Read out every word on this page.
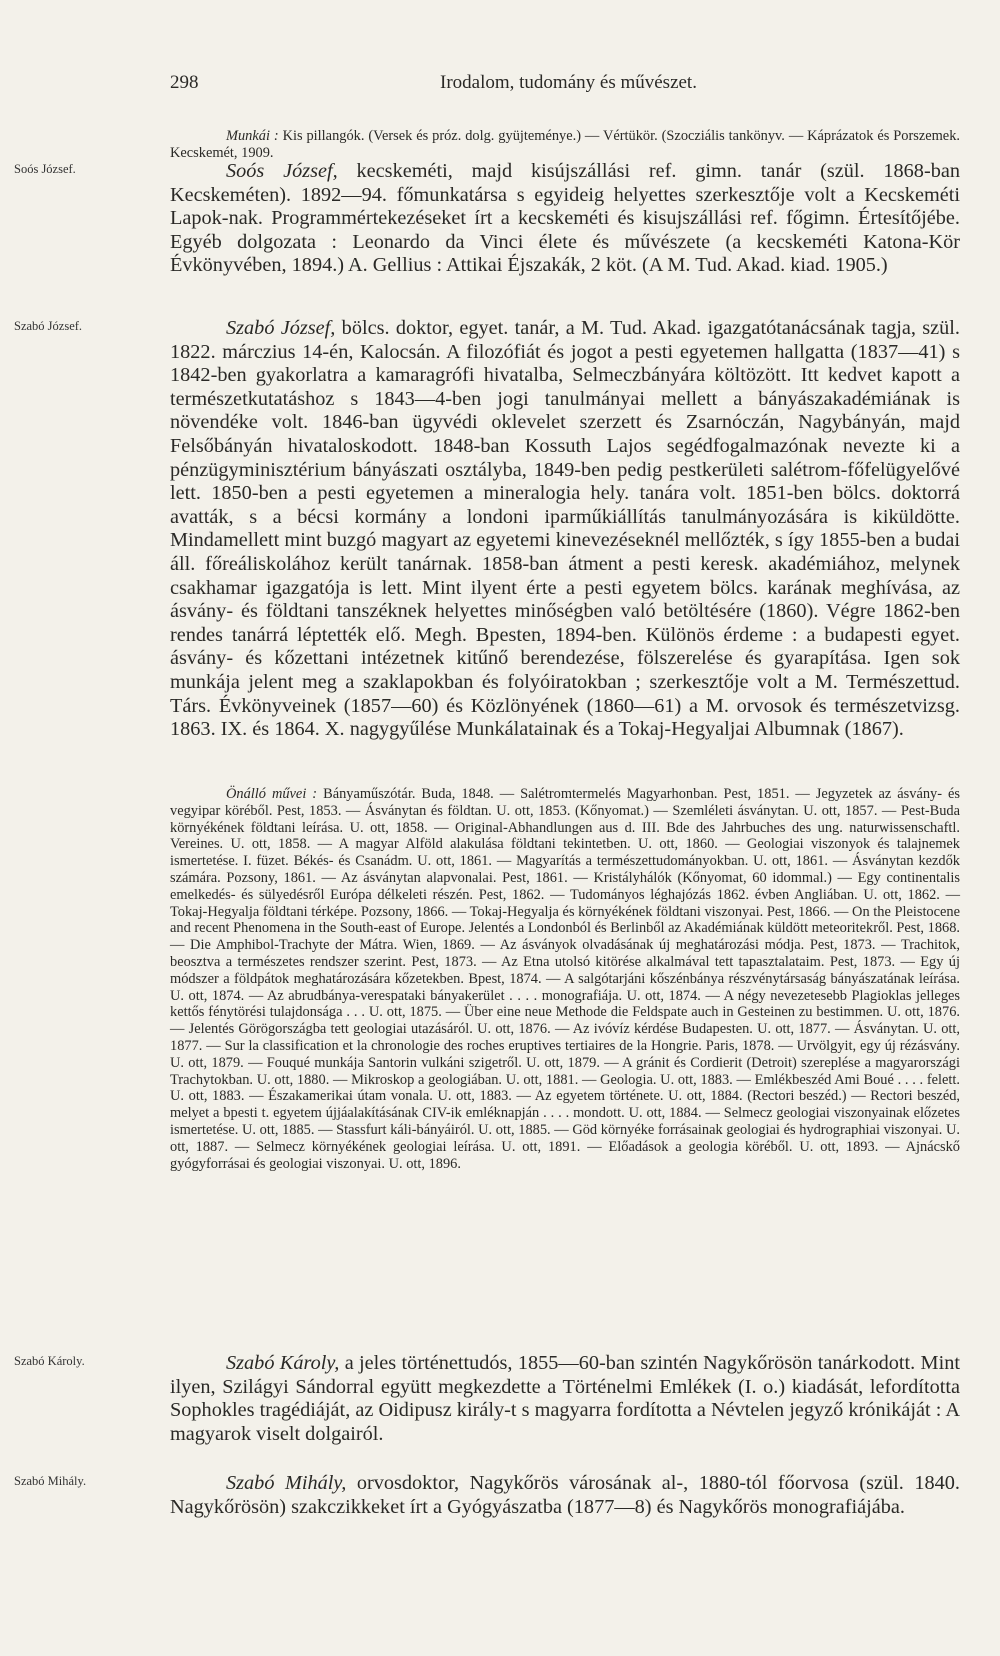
298	Irodalom, tudomány és művészet.
Soós József.
Szabó József.
Szabó Károly.
Szabó Mihály.

Munkái : Kis pillangók. (Versek és próz. dolg. gyüjteménye.) — Vértükör. (Szocziális tankönyv. — Káprázatok és Porszemek. Kecskemét, 1909.

Soós József, kecskeméti, majd kisújszállási ref. gimn. tanár (szül. 1868-ban Kecskeméten). 1892—94. főmunkatársa s egyideig helyettes szerkesztője volt a Kecskeméti Lapok-nak. Programmértekezéseket írt a kecskeméti és kisujszállási ref. főgimn. Értesítőjébe. Egyéb dolgozata : Leonardo da Vinci élete és művészete (a kecskeméti Katona-Kör Évkönyvében, 1894.) A. Gellius : Attikai Éjszakák, 2 köt. (A M. Tud. Akad. kiad. 1905.)

Szabó József, bölcs. doktor, egyet. tanár, a M. Tud. Akad. igazgatótanácsának tagja, szül. 1822. márczius 14-én, Kalocsán. A filozófiát és jogot a pesti egyetemen hallgatta (1837—41) s 1842-ben gyakorlatra a kamaragrófi hivatalba, Selmeczbányára költözött. Itt kedvet kapott a természetkutatáshoz s 1843—4-ben jogi tanulmányai mellett a bányászakadémiának is növendéke volt. 1846-ban ügyvédi oklevelet szerzett és Zsarnóczán, Nagybányán, majd Felsőbányán hivataloskodott. 1848-ban Kossuth Lajos segédfogalmazónak nevezte ki a pénzügyminisztérium bányászati osztályba, 1849-ben pedig pestkerületi salétrom-főfelügyelővé lett. 1850-ben a pesti egyetemen a mineralogia hely. tanára volt. 1851-ben bölcs. doktorrá avatták, s a bécsi kormány a londoni iparműkiállítás tanulmányozására is kiküldötte. Mindamellett mint buzgó magyart az egyetemi kinevezéseknél mellőzték, s így 1855-ben a budai áll. főreáliskolához került tanárnak. 1858-ban átment a pesti keresk. akadémiához, melynek csakhamar igazgatója is lett. Mint ilyent érte a pesti egyetem bölcs. karának meghívása, az ásvány- és földtani tanszéknek helyettes minőségben való betöltésére (1860). Végre 1862-ben rendes tanárrá léptették elő. Megh. Bpesten, 1894-ben. Különös érdeme : a budapesti egyet. ásvány- és kőzettani intézetnek kitűnő berendezése, fölszerelése és gyarapítása. Igen sok munkája jelent meg a szaklapokban és folyóiratokban ; szerkesztője volt a M. Természettud. Társ. Évkönyveinek (1857—60) és Közlönyének (1860—61) a M. orvosok és természetvizsg. 1863. IX. és 1864. X. nagygyűlése Munkálatainak és a Tokaj-Hegyaljai Albumnak (1867).

Önálló művei : Bányaműszótár. Buda, 1848. — Salétromtermelés Magyarhonban. Pest, 1851. — Jegyzetek az ásvány- és vegyipar köréből. Pest, 1853. — Ásványtan és földtan. U. ott, 1853. (Kőnyomat.) — Szemléleti ásványtan. U. ott, 1857. — Pest-Buda környékének földtani leírása. U. ott, 1858. — Original-Abhandlungen aus d. III. Bde des Jahrbuches des ung. naturwissenschaftl. Vereines. U. ott, 1858. — A magyar Alföld alakulása földtani tekintetben. U. ott, 1860. — Geologiai viszonyok és talajnemek ismertetése. I. füzet. Békés- és Csanádm. U. ott, 1861. — Magyarítás a természettudományokban. U. ott, 1861. — Ásványtan kezdők számára. Pozsony, 1861. — Az ásványtan alapvonalai. Pest, 1861. — Kristályhálók (Kőnyomat, 60 idommal.) — Egy continentalis emelkedés- és sülyedésről Európa délkeleti részén. Pest, 1862. — Tudományos léghajózás 1862. évben Angliában. U. ott, 1862. — Tokaj-Hegyalja földtani térképe. Pozsony, 1866. — Tokaj-Hegyalja és környékének földtani viszonyai. Pest, 1866. — On the Pleistocene and recent Phenomena in the South-east of Europe. Jelentés a Londonból és Berlinből az Akadémiának küldött meteoritekről. Pest, 1868. — Die Amphibol-Trachyte der Mátra. Wien, 1869. — Az ásványok olvadásának új meghatározási módja. Pest, 1873. — Trachitok, beosztva a természetes rendszer szerint. Pest, 1873. — Az Etna utolsó kitörése alkalmával tett tapasztalataim. Pest, 1873. — Egy új módszer a földpátok meghatározására kőzetekben. Bpest, 1874. — A salgótarjáni kőszénbánya részvénytársaság bányászatának leírása. U. ott, 1874. — Az abrudbánya-verespataki bányakerület . . . . monografiája. U. ott, 1874. — A négy nevezetesebb Plagioklas jelleges kettős fénytörési tulajdonsága . . . U. ott, 1875. — Über eine neue Methode die Feldspate auch in Gesteinen zu bestimmen. U. ott, 1876. — Jelentés Görögországba tett geologiai utazásáról. U. ott, 1876. — Az ivóvíz kérdése Budapesten. U. ott, 1877. — Ásványtan. U. ott, 1877. — Sur la classification et la chronologie des roches eruptives tertiaires de la Hongrie. Paris, 1878. — Urvölgyit, egy új rézásvány. U. ott, 1879. — Fouqué munkája Santorin vulkáni szigetről. U. ott, 1879. — A gránit és Cordierit (Detroit) szereplése a magyarországi Trachytokban. U. ott, 1880. — Mikroskop a geologiában. U. ott, 1881. — Geologia. U. ott, 1883. — Emlékbeszéd Ami Boué . . . . felett. U. ott, 1883. — Északamerikai útam vonala. U. ott, 1883. — Az egyetem története. U. ott, 1884. (Rectori beszéd.) — Rectori beszéd, melyet a bpesti t. egyetem újjáalakításának CIV-ik emléknapján . . . . mondott. U. ott, 1884. — Selmecz geologiai viszonyainak előzetes ismertetése. U. ott, 1885. — Stassfurt káli-bányáiról. U. ott, 1885. — Göd környéke forrásainak geologiai és hydrographiai viszonyai. U. ott, 1887. — Selmecz környékének geologiai leírása. U. ott, 1891. — Előadások a geologia köréből. U. ott, 1893. — Ajnácskő gyógyforrásai és geologiai viszonyai. U. ott, 1896.

Szabó Károly, a jeles történettudós, 1855—60-ban szintén Nagykőrösön tanárkodott. Mint ilyen, Szilágyi Sándorral együtt megkezdette a Történelmi Emlékek (I. o.) kiadását, lefordította Sophokles tragédiáját, az Oidipusz király-t s magyarra fordította a Névtelen jegyző krónikáját : A magyarok viselt dolgairól.

Szabó Mihály, orvosdoktor, Nagykőrös városának al-, 1880-tól főorvosa (szül. 1840. Nagykőrösön) szakczikkeket írt a Gyógyászatba (1877—8) és Nagykőrös monografiájába.
